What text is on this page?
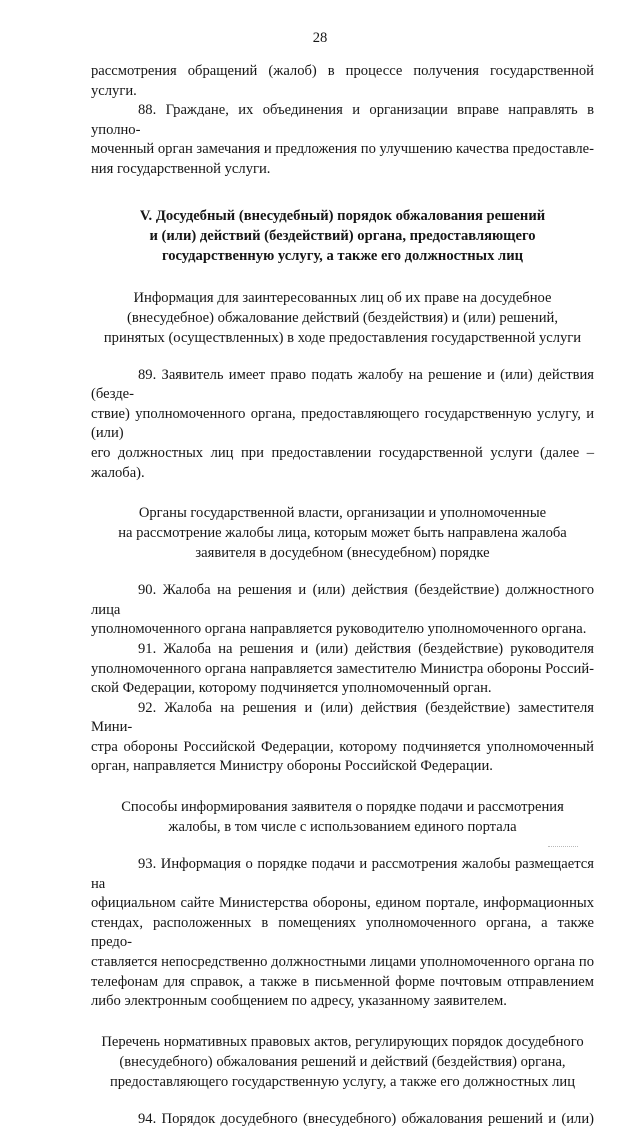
28

рассмотрения обращений (жалоб) в процессе получения государственной услуги.

88. Граждане, их объединения и организации вправе направлять в уполно-

моченный орган замечания и предложения по улучшению качества предоставле-

ния государственной услуги.

V. Досудебный (внесудебный) порядок обжалования решений

и (или) действий (бездействий) органа, предоставляющего

государственную услугу, а также его должностных лиц

Информация для заинтересованных лиц об их праве на досудебное

(внесудебное) обжалование действий (бездействия) и (или) решений,

принятых (осуществленных) в ходе предоставления государственной услуги

89. Заявитель имеет право подать жалобу на решение и (или) действия (безде-

ствие) уполномоченного органа, предоставляющего государственную услугу, и (или)

его должностных лиц при предоставлении государственной услуги (далее – жалоба).

Органы государственной власти, организации и уполномоченные

на рассмотрение жалобы лица, которым может быть направлена жалоба

заявителя в досудебном (внесудебном) порядке

90. Жалоба на решения и (или) действия (бездействие) должностного лица

уполномоченного органа направляется руководителю уполномоченного органа.

91. Жалоба на решения и (или) действия (бездействие) руководителя

уполномоченного органа направляется заместителю Министра обороны Россий-

ской Федерации, которому подчиняется уполномоченный орган.

92. Жалоба на решения и (или) действия (бездействие) заместителя Мини-

стра обороны Российской Федерации, которому подчиняется уполномоченный

орган, направляется Министру обороны Российской Федерации.

Способы информирования заявителя о порядке подачи и рассмотрения

жалобы, в том числе с использованием единого портала

93. Информация о порядке подачи и рассмотрения жалобы размещается на

официальном сайте Министерства обороны, едином портале, информационных

стендах, расположенных в помещениях уполномоченного органа, а также предо-

ставляется непосредственно должностными лицами уполномоченного органа по

телефонам для справок, а также в письменной форме почтовым отправлением

либо электронным сообщением по адресу, указанному заявителем.

Перечень нормативных правовых актов, регулирующих порядок досудебного

(внесудебного) обжалования решений и действий (бездействия) органа,

предоставляющего государственную услугу, а также его должностных лиц

94. Порядок досудебного (внесудебного) обжалования решений и (или)
